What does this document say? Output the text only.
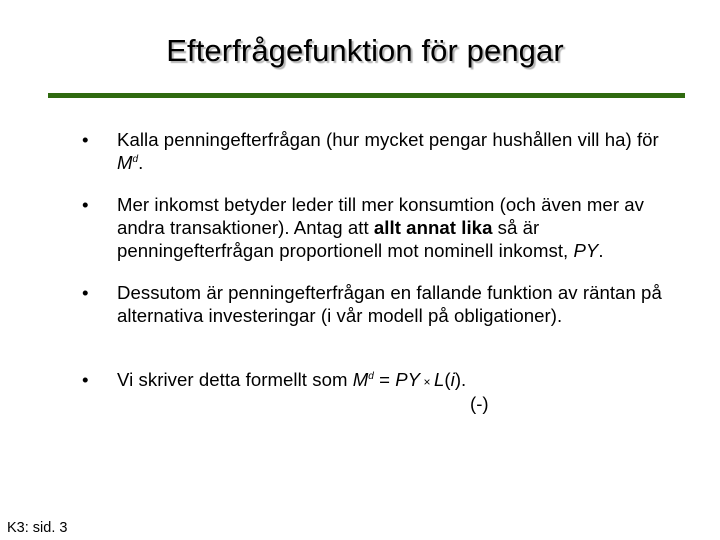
Efterfrågefunktion för pengar
• Kalla penningefterfrågan (hur mycket pengar hushållen vill ha) för $M^d$.
• Mer inkomst betyder leder till mer konsumtion (och även mer av andra transaktioner). Antag att allt annat lika så är penningefterfrågan proportionell mot nominell inkomst, PY.
• Dessutom är penningefterfrågan en fallande funktion av räntan på alternativa investeringar (i vår modell på obligationer).
• Vi skriver detta formellt som $M^d$ = PY × L(i).
(-)
K3: sid. 3
